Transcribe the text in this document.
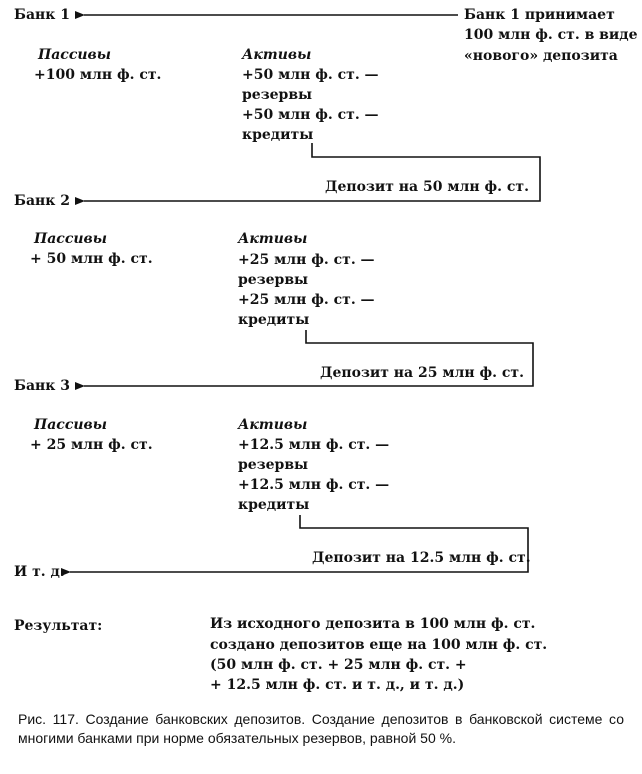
Банк 1	Банк 1 принимает
100 млн ф. ст. в виде
«нового» депозита
Пассивы
+100 млн ф. ст.
Активы
+50 млн ф. ст. —
резервы
+50 млн ф. ст. —
кредиты
Депозит на 50 млн ф. ст.
Банк 2
Пассивы
+ 50 млн ф. ст.
Активы
+25 млн ф. ст. —
резервы
+25 млн ф. ст. —
кредиты
Депозит на 25 млн ф. ст.
Банк 3
Пассивы
+ 25 млн ф. ст.
Активы
+12.5 млн ф. ст. —
резервы
+12.5 млн ф. ст. —
кредиты
Депозит на 12.5 млн ф. ст.
И т. д.
Результат:	Из исходного депозита в 100 млн ф. ст.
создано депозитов еще на 100 млн ф. ст.
(50 млн ф. ст. + 25 млн ф. ст. +
+ 12.5 млн ф. ст. и т. д., и т. д.)
Рис. 117. Создание банковских депозитов. Создание депозитов в банковской системе со многими банками при норме обязательных резервов, равной 50 %.
